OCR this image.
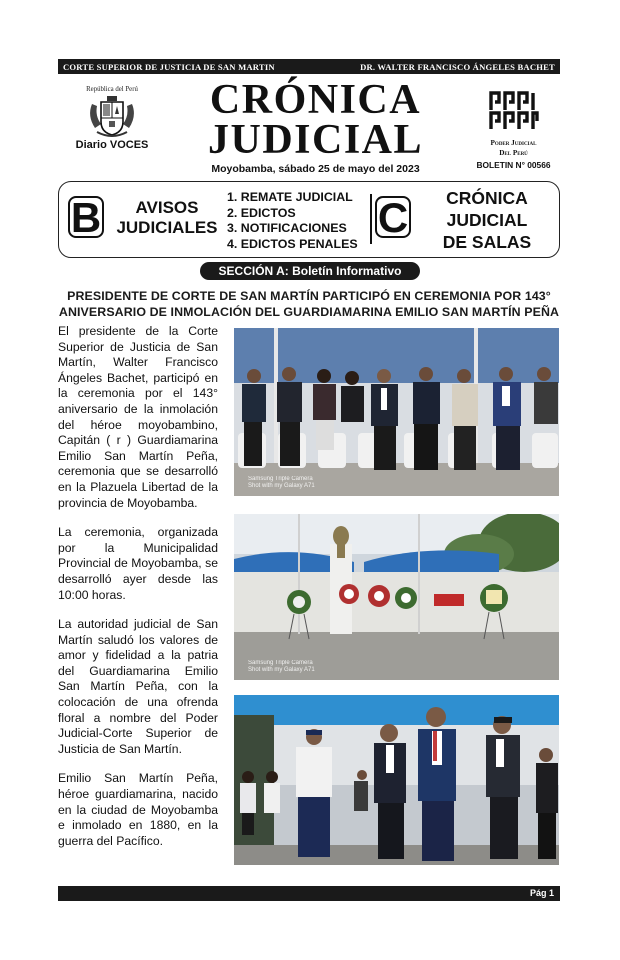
CORTE SUPERIOR DE JUSTICIA DE SAN MARTIN	DR. WALTER FRANCISCO ÁNGELES BACHET
República del Perú
Diario VOCES
CRÓNICA
JUDICIAL
Moyobamba, sábado 25 de mayo del 2023
Poder Judicial
Del Perú
BOLETIN N° 00566
B	AVISOS
JUDICIALES
1. REMATE JUDICIAL
2. EDICTOS
3. NOTIFICACIONES
4. EDICTOS PENALES
C	CRÓNICA
JUDICIAL
DE SALAS
SECCIÓN A: Boletín Informativo
PRESIDENTE DE CORTE DE SAN MARTÍN PARTICIPÓ EN CEREMONIA POR 143°
ANIVERSARIO DE INMOLACIÓN DEL GUARDIAMARINA EMILIO SAN MARTÍN PEÑA

El presidente de la Corte Superior de Justicia de San Martín, Walter Francisco Ángeles Bachet, participó en la ceremonia por el 143° aniversario de la inmolación del héroe moyobambino, Capitán ( r ) Guardiamarina Emilio San Martín Peña, ceremonia que se desarrolló en la Plazuela Libertad de la provincia de Moyobamba.

La ceremonia, organizada por la Municipalidad Provincial de Moyobamba, se desarrolló ayer desde las 10:00 horas.

La autoridad judicial de San Martín saludó los valores de amor y fidelidad a la patria del Guardiamarina Emilio San Martín Peña, con la colocación de una ofrenda floral a nombre del Poder Judicial-Corte Superior de Justicia de San Martín.

Emilio San Martín Peña, héroe guardiamarina, nacido en la ciudad de Moyobamba e inmolado en 1880, en la guerra del Pacífico.

Samsung Triple Camera
Shot with my Galaxy A71
Samsung Triple Camera
Shot with my Galaxy A71
Pág 1
